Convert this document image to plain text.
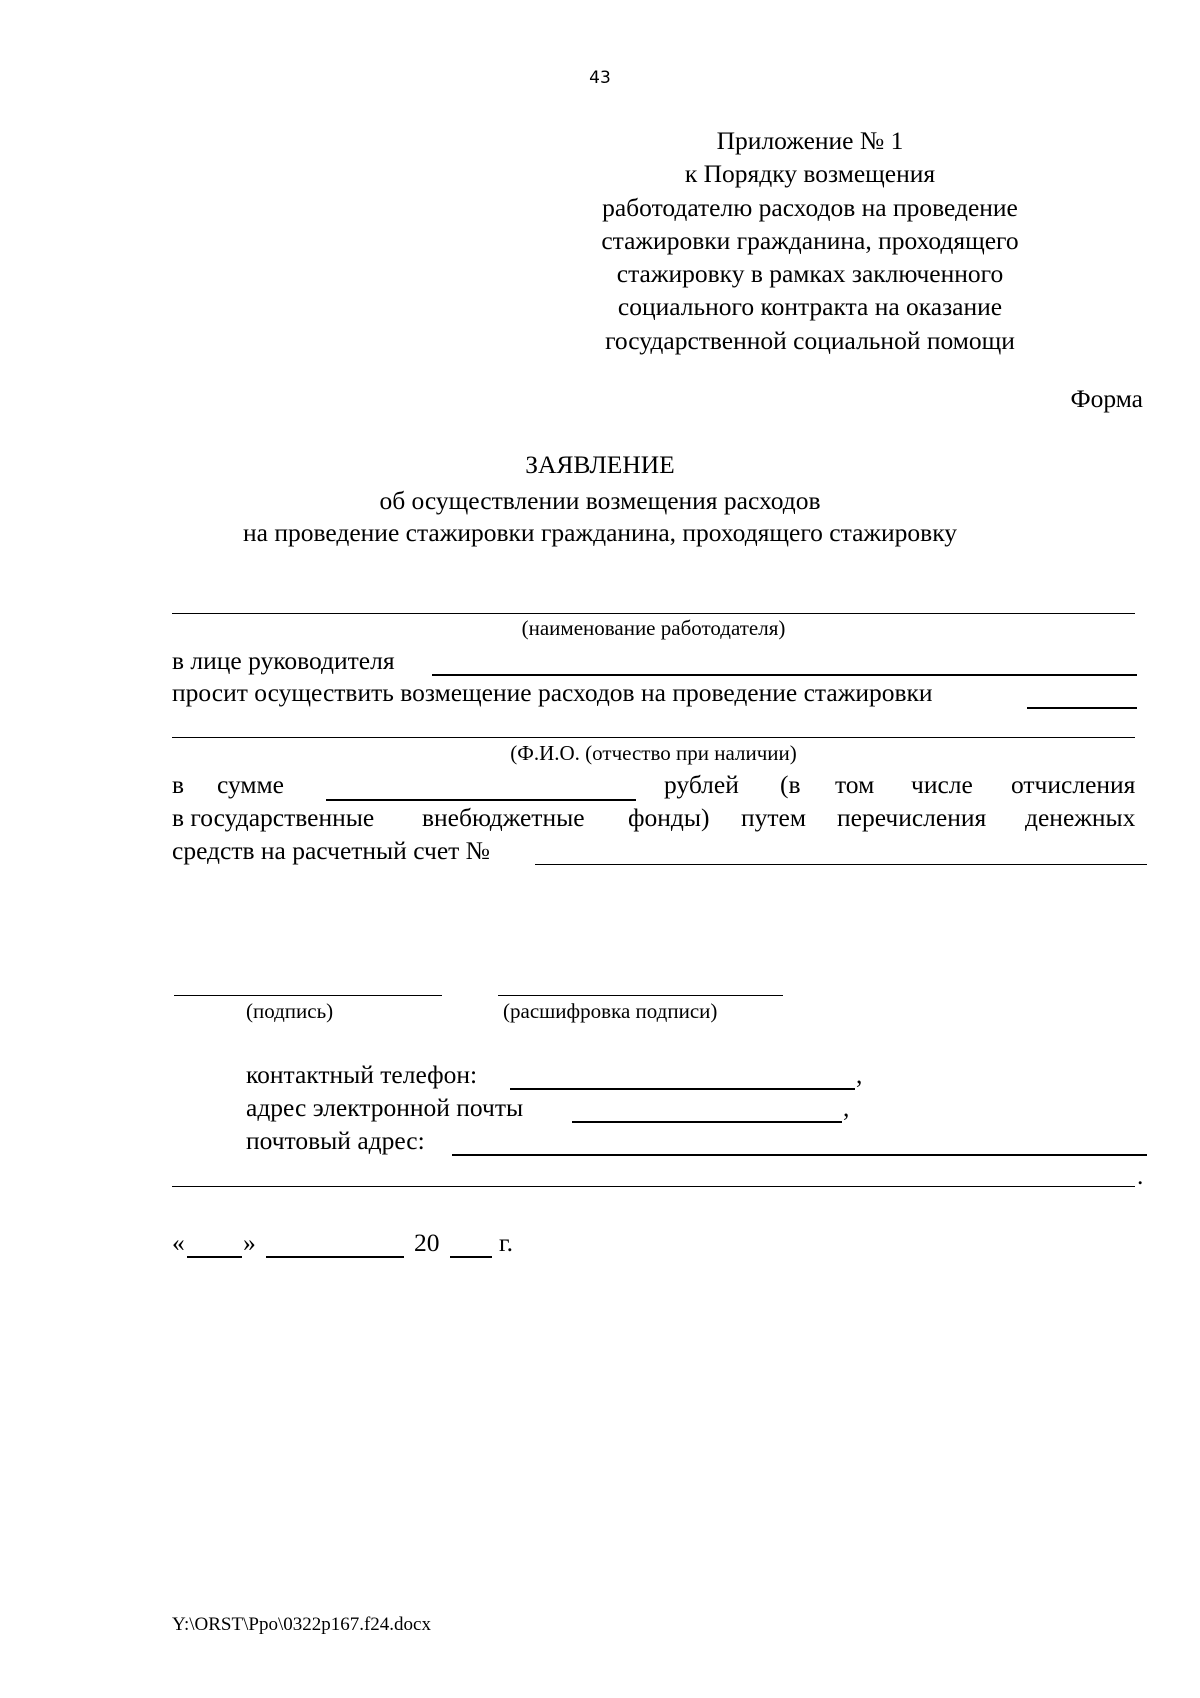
43
Приложение № 1
к Порядку возмещения
работодателю расходов на проведение
стажировки гражданина, проходящего
стажировку в рамках заключенного
социального контракта на оказание
государственной социальной помощи
Форма
ЗАЯВЛЕНИЕ
об осуществлении возмещения расходов
на проведение стажировки гражданина, проходящего стажировку
(наименование работодателя)
в лице руководителя
просит осуществить возмещение расходов на проведение стажировки
(Ф.И.О. (отчество при наличии)
в сумме	рублей (в том числе отчисления
в государственные внебюджетные фонды) путем перечисления денежных
средств на расчетный счет №
(подпись)	(расшифровка подписи)
контактный телефон:	,
адрес электронной почты	,
почтовый адрес:
.
« »	20 г.
Y:\ORST\Ppo\0322p167.f24.docx
